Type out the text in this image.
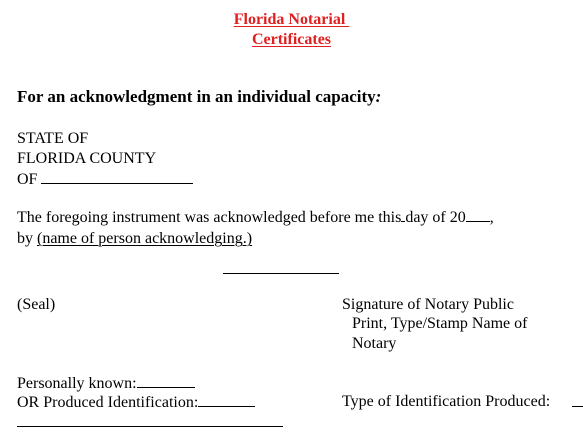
Florida Notarial
Certificates
For an acknowledgment in an individual capacity:
STATE OF
FLORIDA COUNTY
OF
The foregoing instrument was acknowledged before me this day of 20 ,
by (name of person acknowledging.)
(Seal)	Signature of Notary Public
Print, Type/Stamp Name of
Notary
Personally known:
OR Produced Identification:	Type of Identification Produced:
